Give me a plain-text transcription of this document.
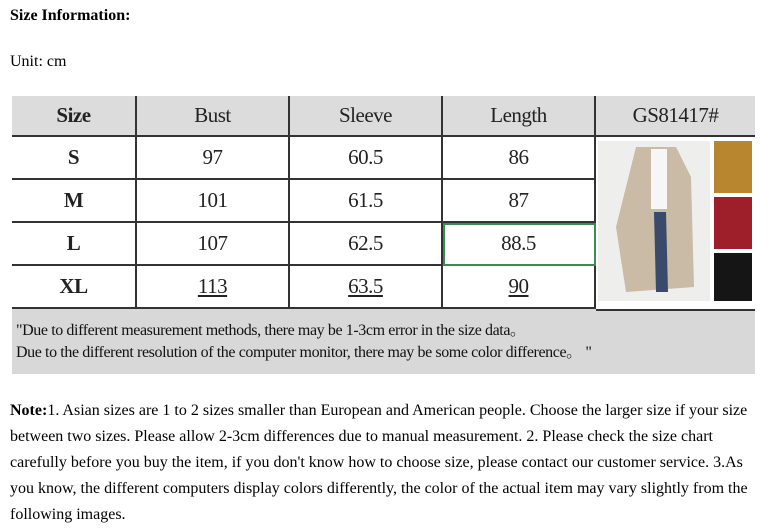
Size Information:
Unit: cm
"Due to different measurement methods, there may be 1-3cm error in the size data。
Due to the different resolution of the computer monitor, there may be some color difference。 "
Size	Bust	Sleeve	Length	GS81417#
S	97	60.5	86
M	101	61.5	87
L	107	62.5	88.5
XL	113	63.5	90
Note:1. Asian sizes are 1 to 2 sizes smaller than European and American people. Choose the larger size if your size between two sizes. Please allow 2-3cm differences due to manual measurement. 2. Please check the size chart carefully before you buy the item, if you don't know how to choose size, please contact our customer service. 3.As you know, the different computers display colors differently, the color of the actual item may vary slightly from the following images.
